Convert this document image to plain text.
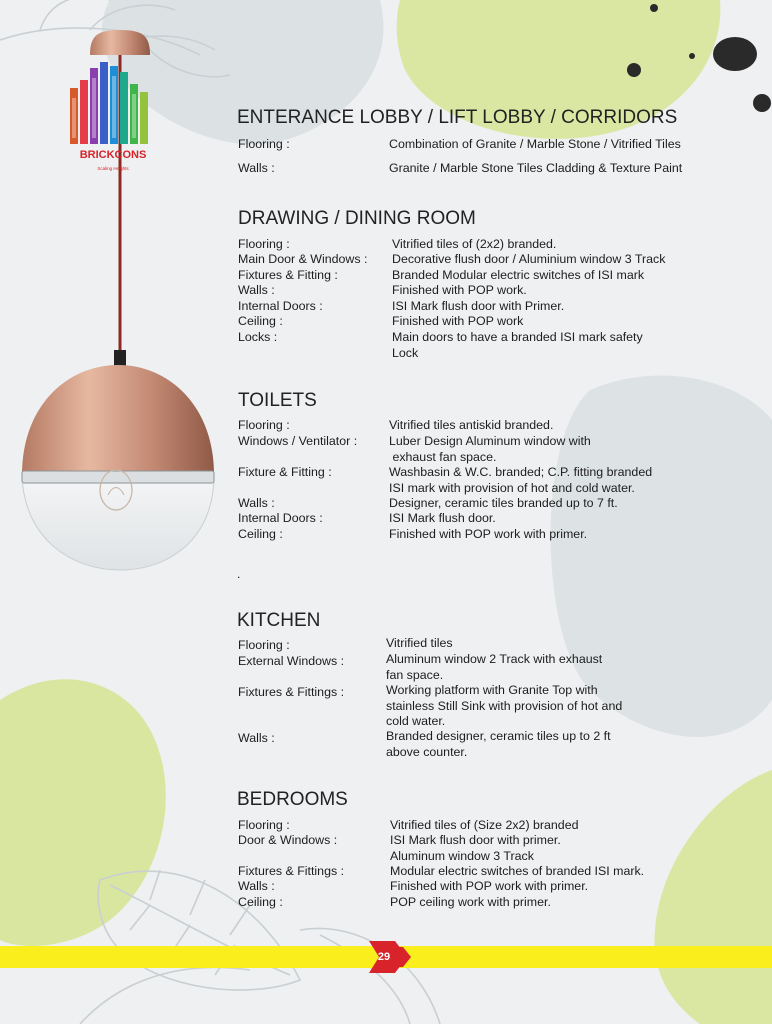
BRICKCONS
Scaling Heights
ENTERANCE LOBBY / LIFT LOBBY / CORRIDORS
Flooring :	Combination of Granite / Marble Stone / Vitrified Tiles
Walls :	Granite / Marble Stone Tiles Cladding & Texture Paint
DRAWING / DINING ROOM
Flooring :	Vitrified tiles of (2x2) branded.
Main Door & Windows : Decorative flush door / Aluminium window 3 Track
Fixtures & Fitting :	Branded Modular electric switches of ISI mark
Walls :	Finished with POP work.
Internal Doors :	ISI Mark flush door with Primer.
Ceiling :	Finished with POP work
Locks :	Main doors to have a branded ISI mark safety
Lock
TOILETS
Flooring :	Vitrified tiles antiskid branded.
Windows / Ventilator :	Luber Design Aluminum window with
exhaust fan space.
Fixture & Fitting :	Washbasin & W.C. branded; C.P. fitting branded
ISI mark with provision of hot and cold water.
Walls :	Designer, ceramic tiles branded up to 7 ft.
Internal Doors :	ISI Mark flush door.
Ceiling :	Finished with POP work with primer.
KITCHEN
Flooring :	Vitrified tiles
External Windows :	Aluminum window 2 Track with exhaust
fan space.
Fixtures & Fittings :	Working platform with Granite Top with
stainless Still Sink with provision of hot and
cold water.
Walls :	Branded designer, ceramic tiles up to 2 ft
above counter.
BEDROOMS
Flooring :	Vitrified tiles of (Size 2x2) branded
Door & Windows :	ISI Mark flush door with primer.
Aluminum window 3 Track
Fixtures & Fittings :	Modular electric switches of branded ISI mark.
Walls :	Finished with POP work with primer.
Ceiling :	POP ceiling work with primer.
.
29
